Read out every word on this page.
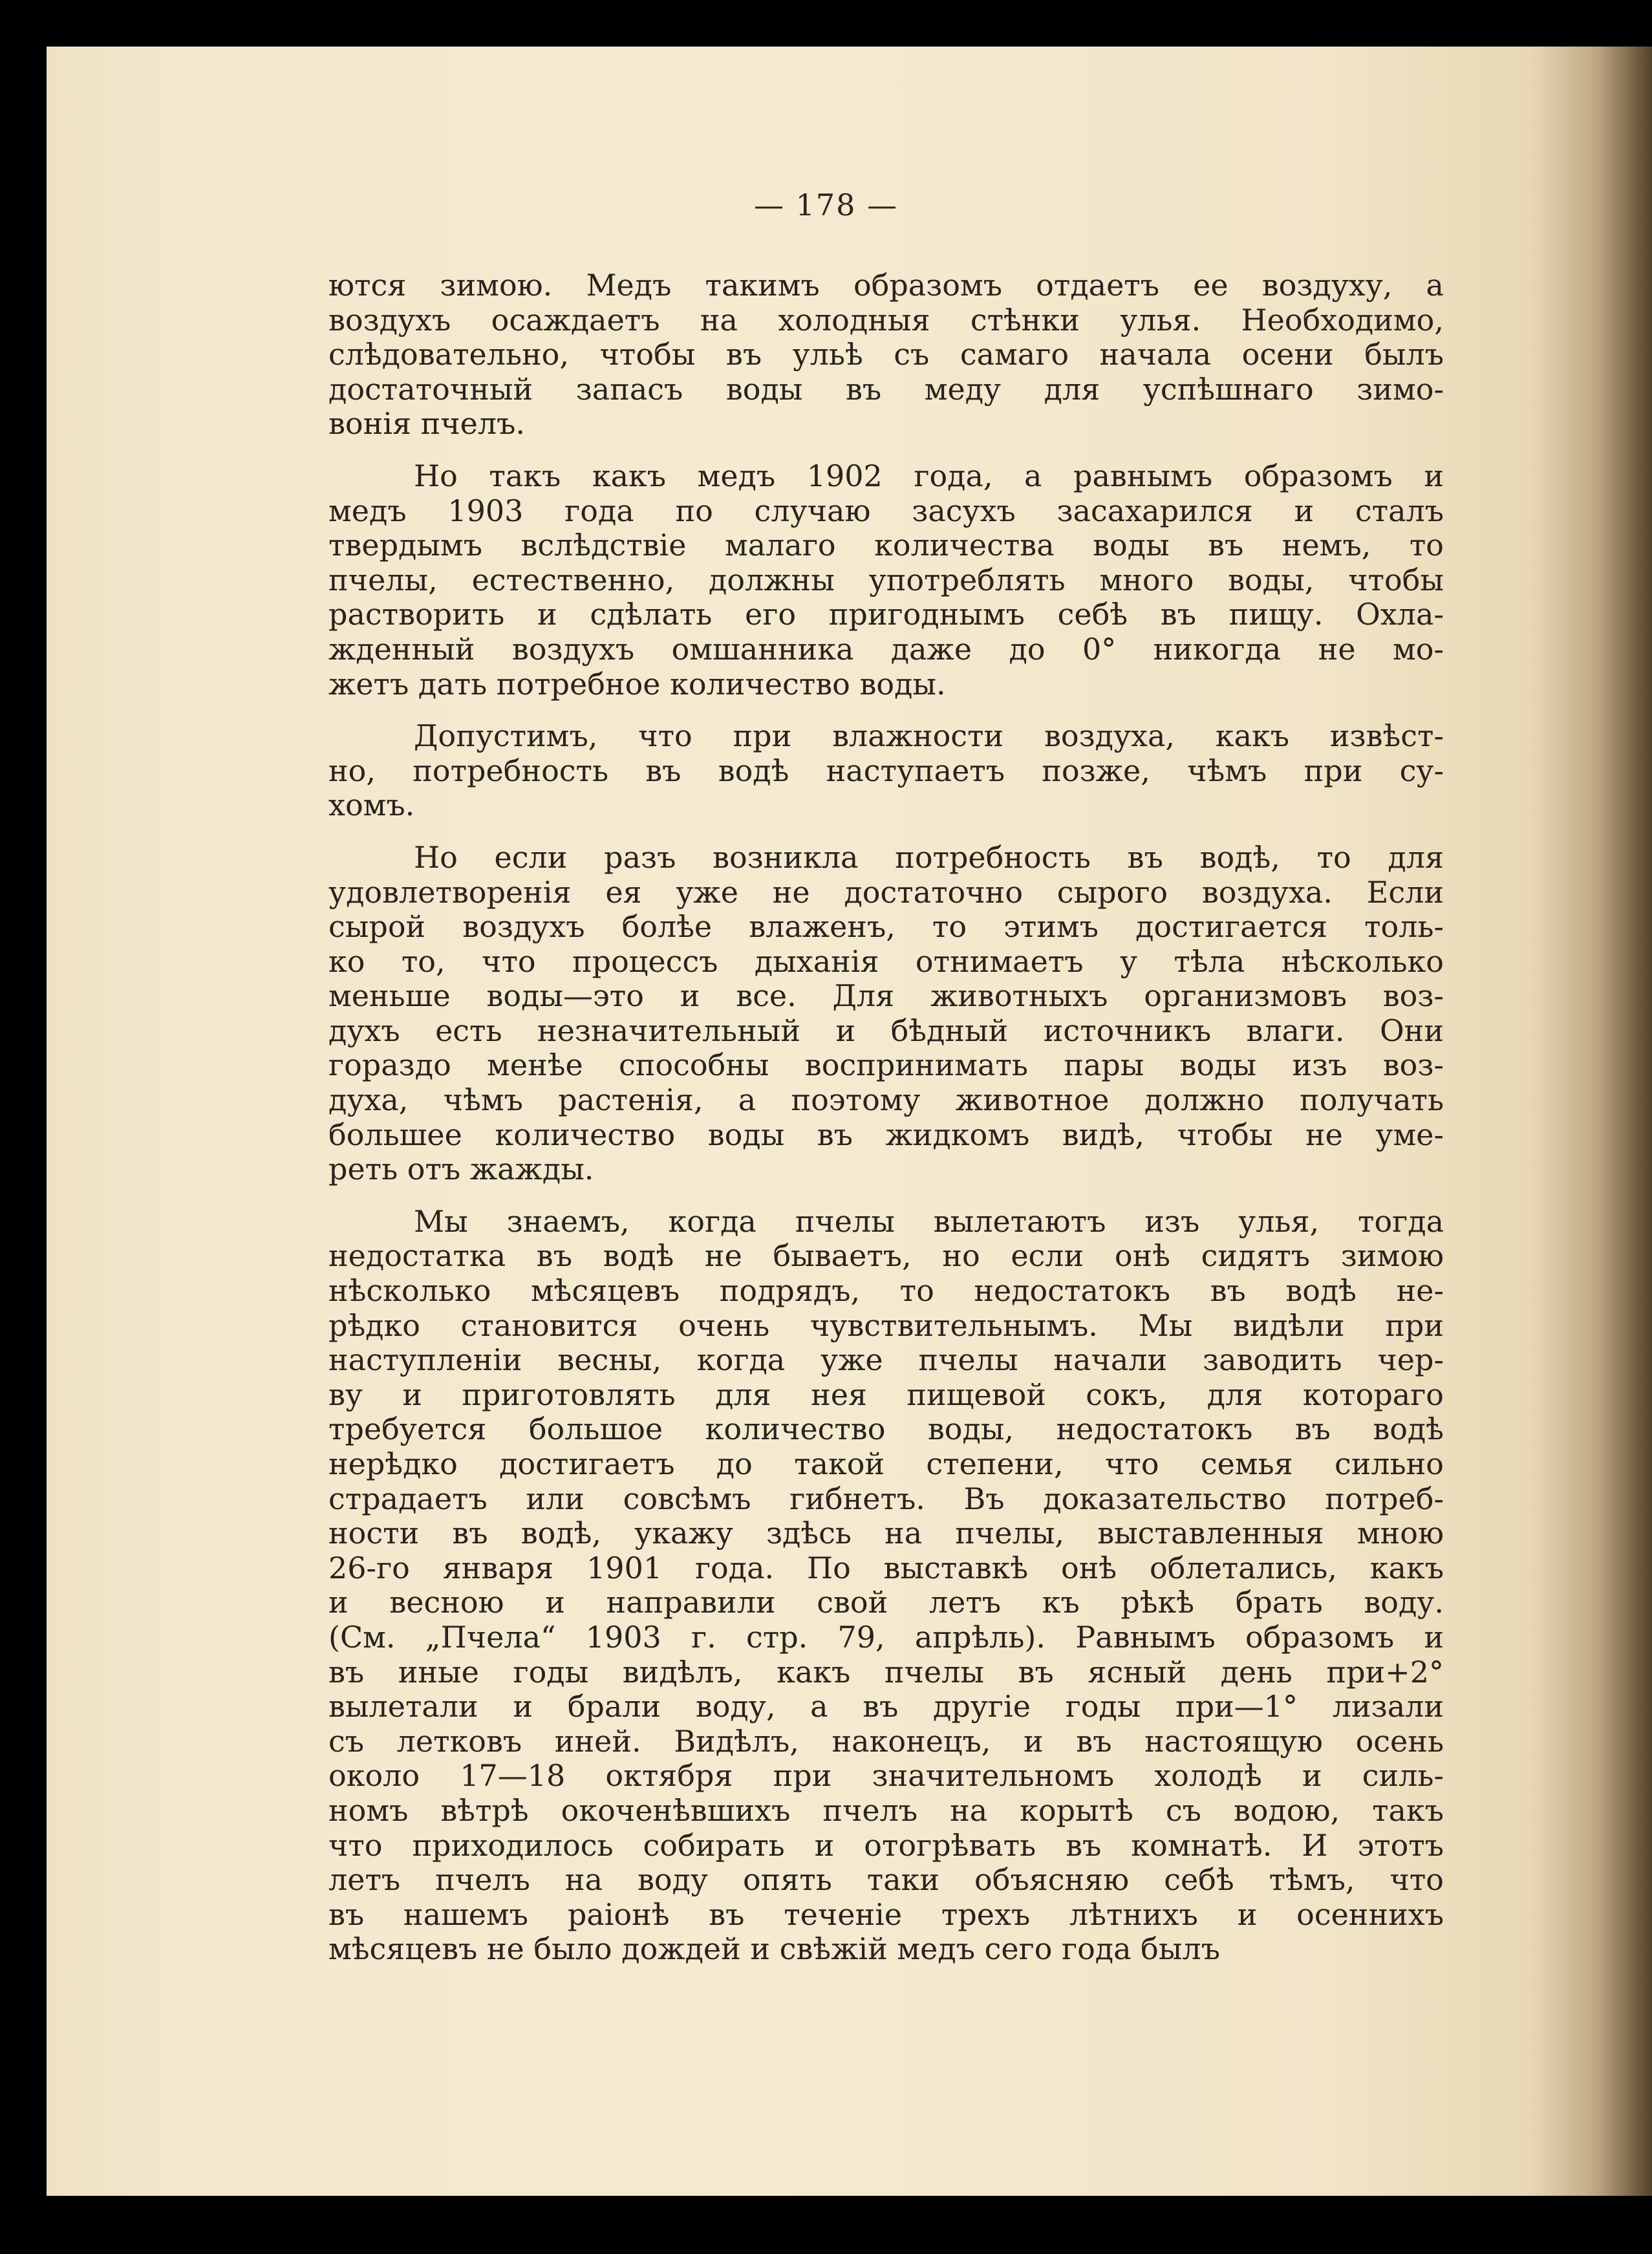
— 178 —
ются зимою. Медъ такимъ образомъ отдаетъ ее воздуху, а
воздухъ осаждаетъ на холодныя стѣнки улья. Необходимо,
слѣдовательно, чтобы въ ульѣ съ самаго начала осени былъ
достаточный запасъ воды въ меду для успѣшнаго зимо-
вонія пчелъ.
Но такъ какъ медъ 1902 года, а равнымъ образомъ и
медъ 1903 года по случаю засухъ засахарился и сталъ
твердымъ вслѣдствіе малаго количества воды въ немъ, то
пчелы, естественно, должны употреблять много воды, чтобы
растворить и сдѣлать его пригоднымъ себѣ въ пищу. Охла-
жденный воздухъ омшанника даже до 0° никогда не мо-
жетъ дать потребное количество воды.
Допустимъ, что при влажности воздуха, какъ извѣст-
но, потребность въ водѣ наступаетъ позже, чѣмъ при су-
хомъ.
Но если разъ возникла потребность въ водѣ, то для
удовлетворенія ея уже не достаточно сырого воздуха. Если
сырой воздухъ болѣе влаженъ, то этимъ достигается толь-
ко то, что процессъ дыханія отнимаетъ у тѣла нѣсколько
меньше воды—это и все. Для животныхъ организмовъ воз-
духъ есть незначительный и бѣдный источникъ влаги. Они
гораздо менѣе способны воспринимать пары воды изъ воз-
духа, чѣмъ растенія, а поэтому животное должно получать
большее количество воды въ жидкомъ видѣ, чтобы не уме-
реть отъ жажды.
Мы знаемъ, когда пчелы вылетаютъ изъ улья, тогда
недостатка въ водѣ не бываетъ, но если онѣ сидятъ зимою
нѣсколько мѣсяцевъ подрядъ, то недостатокъ въ водѣ не-
рѣдко становится очень чувствительнымъ. Мы видѣли при
наступленіи весны, когда уже пчелы начали заводить чер-
ву и приготовлять для нея пищевой сокъ, для котораго
требуется большое количество воды, недостатокъ въ водѣ
нерѣдко достигаетъ до такой степени, что семья сильно
страдаетъ или совсѣмъ гибнетъ. Въ доказательство потреб-
ности въ водѣ, укажу здѣсь на пчелы, выставленныя мною
26-го января 1901 года. По выставкѣ онѣ облетались, какъ
и весною и направили свой летъ къ рѣкѣ брать воду.
(См. „Пчела“ 1903 г. стр. 79, апрѣль). Равнымъ образомъ и
въ иные годы видѣлъ, какъ пчелы въ ясный день при+2°
вылетали и брали воду, а въ другіе годы при—1° лизали
съ летковъ иней. Видѣлъ, наконецъ, и въ настоящую осень
около 17—18 октября при значительномъ холодѣ и силь-
номъ вѣтрѣ окоченѣвшихъ пчелъ на корытѣ съ водою, такъ
что приходилось собирать и отогрѣвать въ комнатѣ. И этотъ
летъ пчелъ на воду опять таки объясняю себѣ тѣмъ, что
въ нашемъ раіонѣ въ теченіе трехъ лѣтнихъ и осеннихъ
мѣсяцевъ не было дождей и свѣжій медъ сего года былъ
